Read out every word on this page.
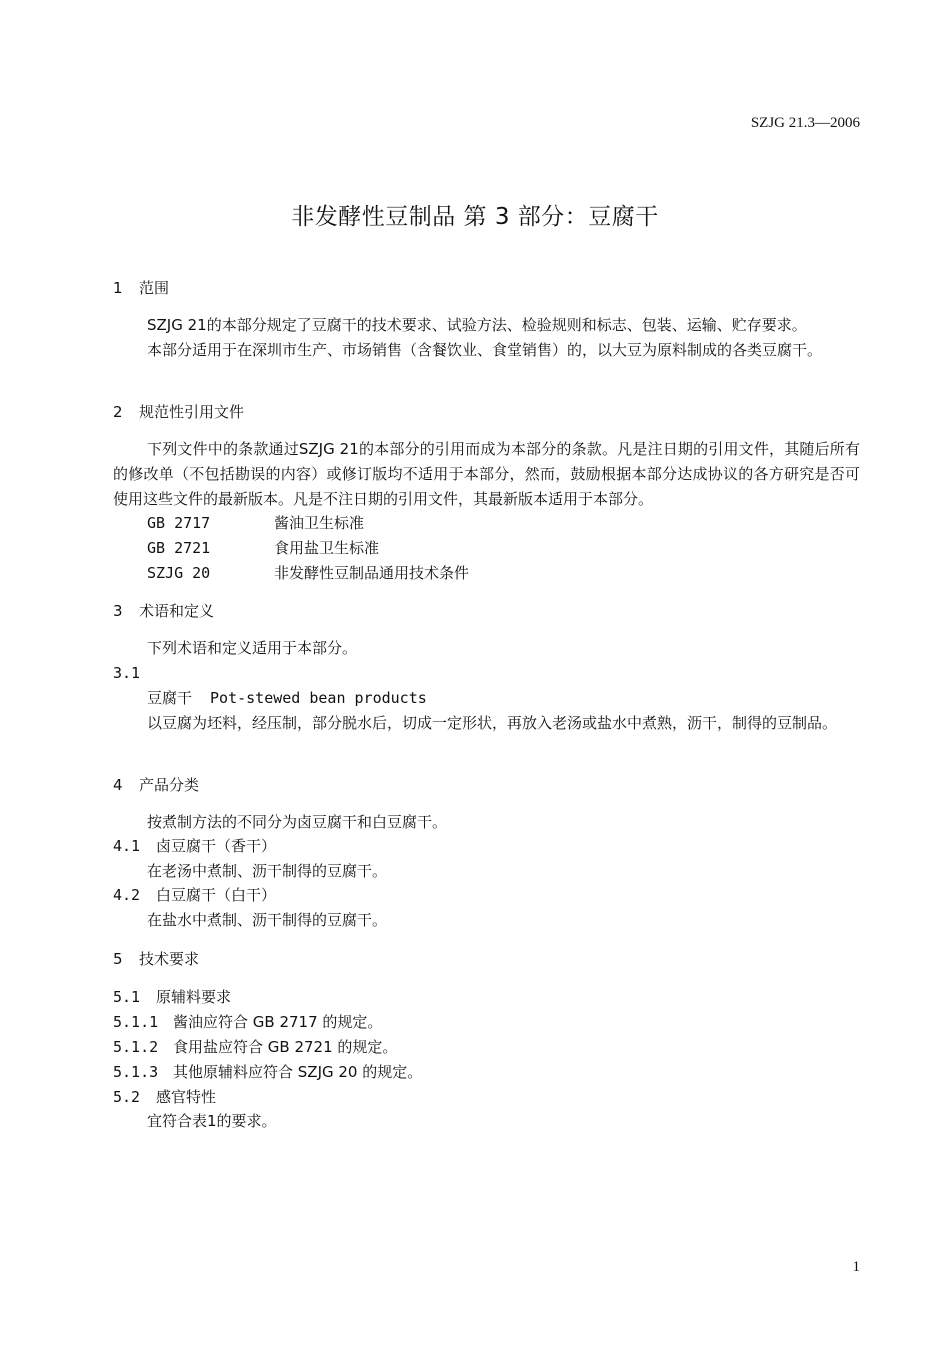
SZJG 21.3—2006
非发酵性豆制品 第 3 部分：豆腐干
1 范围
SZJG 21的本部分规定了豆腐干的技术要求、试验方法、检验规则和标志、包装、运输、贮存要求。
本部分适用于在深圳市生产、市场销售（含餐饮业、食堂销售）的，以大豆为原料制成的各类豆腐干。
2 规范性引用文件
下列文件中的条款通过SZJG 21的本部分的引用而成为本部分的条款。凡是注日期的引用文件，其随后所有的修改单（不包括勘误的内容）或修订版均不适用于本部分，然而，鼓励根据本部分达成协议的各方研究是否可使用这些文件的最新版本。凡是不注日期的引用文件，其最新版本适用于本部分。
GB 2717	酱油卫生标准
GB 2721	食用盐卫生标准
SZJG 20	非发酵性豆制品通用技术条件
3 术语和定义
下列术语和定义适用于本部分。
3.1
豆腐干 Pot-stewed bean products
以豆腐为坯料，经压制，部分脱水后，切成一定形状，再放入老汤或盐水中煮熟，沥干，制得的豆制品。
4 产品分类
按煮制方法的不同分为卤豆腐干和白豆腐干。
4.1 卤豆腐干（香干）
在老汤中煮制、沥干制得的豆腐干。
4.2 白豆腐干（白干）
在盐水中煮制、沥干制得的豆腐干。
5 技术要求
5.1 原辅料要求
5.1.1 酱油应符合 GB 2717 的规定。
5.1.2 食用盐应符合 GB 2721 的规定。
5.1.3 其他原辅料应符合 SZJG 20 的规定。
5.2 感官特性
宜符合表1的要求。
1
